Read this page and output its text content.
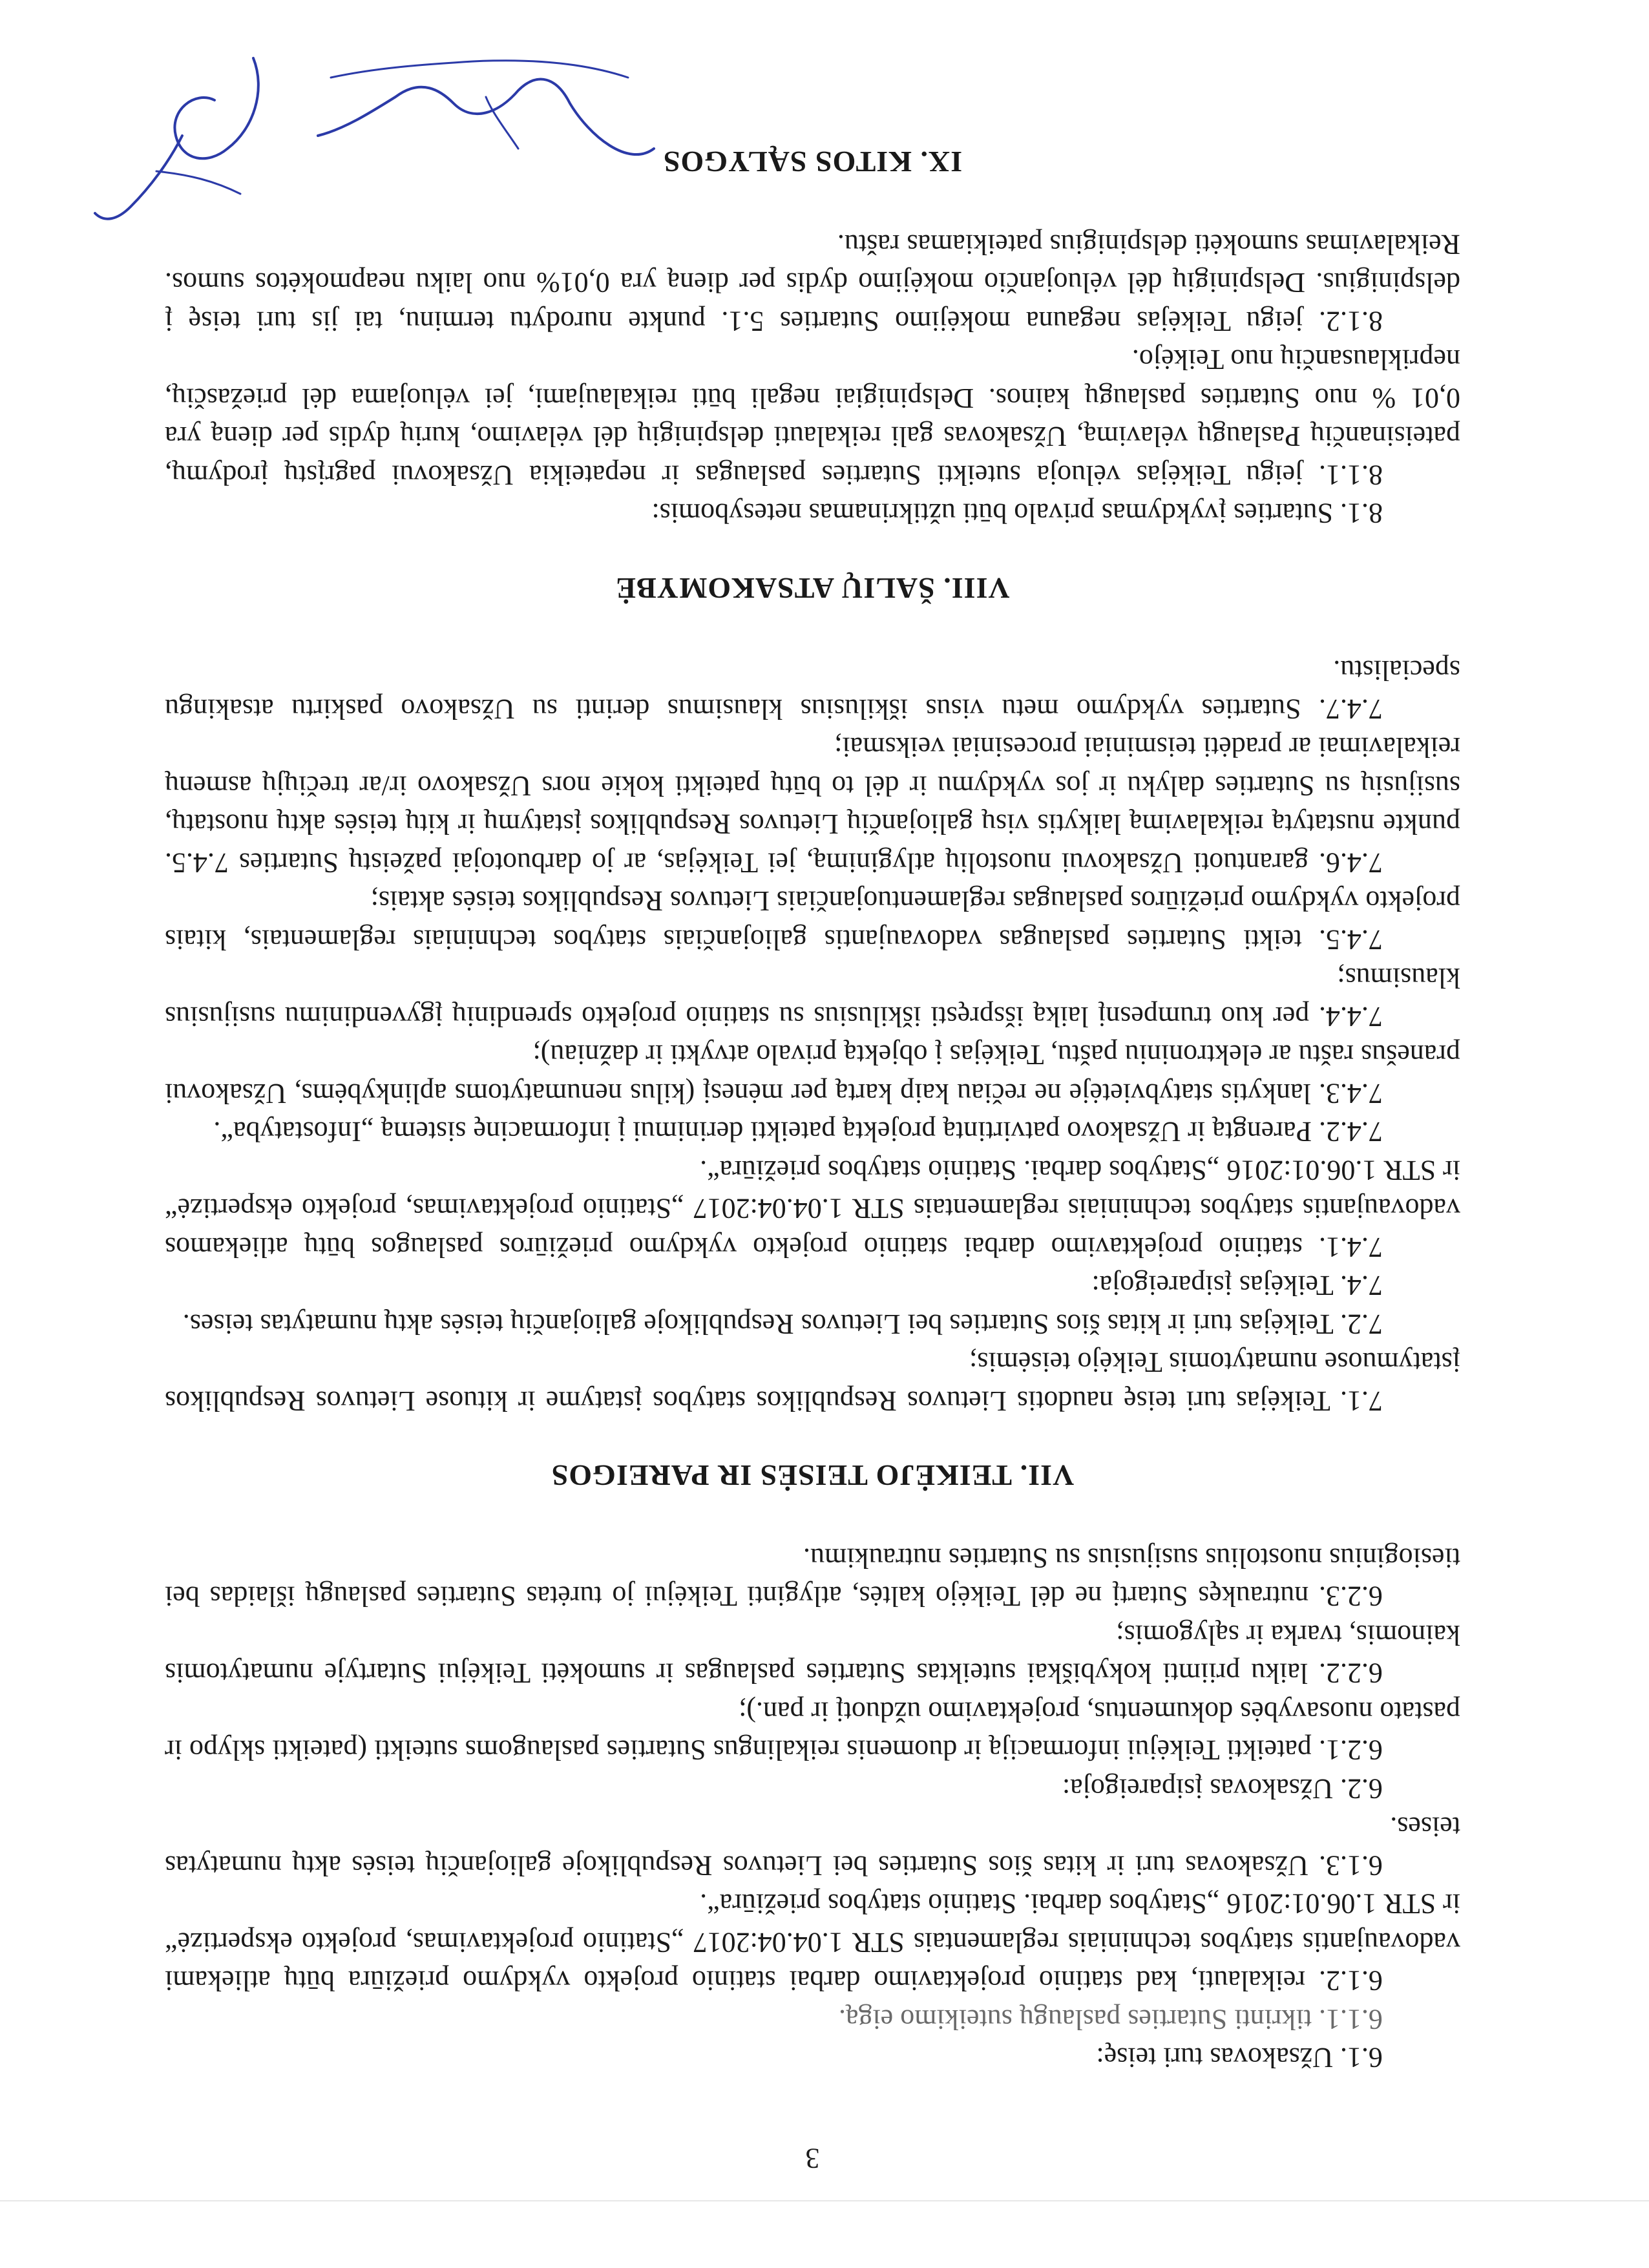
3

6.1. Užsakovas turi teisę:

6.1.1. tikrinti Sutarties paslaugų suteikimo eigą.

6.1.2. reikalauti, kad statinio projektavimo darbai statinio projekto vykdymo priežiūra būtų atliekami vadovaujantis statybos techniniais reglamentais STR 1.04.04:2017 „Statinio projektavimas, projekto ekspertizė“ ir STR 1.06.01:2016 „Statybos darbai. Statinio statybos priežiūra“.

6.1.3. Užsakovas turi ir kitas šios Sutarties bei Lietuvos Respublikoje galiojančių teisės aktų numatytas teises.

6.2. Užsakovas įsipareigoja:

6.2.1. pateikti Teikėjui informaciją ir duomenis reikalingus Sutarties paslaugoms suteikti (pateikti sklypo ir pastato nuosavybės dokumentus, projektavimo užduotį ir pan.);

6.2.2. laiku priimti kokybiškai suteiktas Sutarties paslaugas ir sumokėti Teikėjui Sutartyje numatytomis kainomis, tvarka ir sąlygomis;

6.2.3. nutraukęs Sutartį ne dėl Teikėjo kaltės, atlyginti Teikėjui jo turėtas Sutarties paslaugų išlaidas bei tiesioginius nuostolius susijusius su Sutarties nutraukimu.

VII. TEIKĖJO TEISĖS IR PAREIGOS

7.1. Teikėjas turi teisę naudotis Lietuvos Respublikos statybos įstatyme ir kituose Lietuvos Respublikos įstatymuose numatytomis Teikėjo teisėmis;

7.2. Teikėjas turi ir kitas šios Sutarties bei Lietuvos Respublikoje galiojančių teisės aktų numatytas teises.

7.4. Teikėjas įsipareigoja:

7.4.1. statinio projektavimo darbai statinio projekto vykdymo priežiūros paslaugos būtų atliekamos vadovaujantis statybos techniniais reglamentais STR 1.04.04:2017 „Statinio projektavimas, projekto ekspertizė“ ir STR 1.06.01:2016 „Statybos darbai. Statinio statybos priežiūra“.

7.4.2. Parengtą ir Užsakovo patvirtintą projektą pateikti derinimui į informacinę sistemą „Infostatyba“.

7.4.3. lankytis statybvietėje ne rečiau kaip kartą per mėnesį (kilus nenumatytoms aplinkybėms, Užsakovui pranešus raštu ar elektroniniu paštu, Teikėjas į objektą privalo atvykti ir dažniau);

7.4.4. per kuo trumpesnį laiką išspręsti iškilusius su statinio projekto sprendinių įgyvendinimu susijusius klausimus;

7.4.5. teikti Sutarties paslaugas vadovaujantis galiojančiais statybos techniniais reglamentais, kitais projekto vykdymo priežiūros paslaugas reglamentuojančiais Lietuvos Respublikos teisės aktais;

7.4.6. garantuoti Užsakovui nuostolių atlyginimą, jei Teikėjas, ar jo darbuotojai pažeistų Sutarties 7.4.5. punkte nustatytą reikalavimą laikytis visų galiojančių Lietuvos Respublikos įstatymų ir kitų teisės aktų nuostatų, susijusių su Sutarties dalyku ir jos vykdymu ir dėl to būtų pateikti kokie nors Užsakovo ir/ar trečiųjų asmenų reikalavimai ar pradėti teisminiai procesiniai veiksmai;

7.4.7. Sutarties vykdymo metu visus iškilusius klausimus derinti su Užsakovo paskirtu atsakingu specialistu.

VIII. ŠALIŲ ATSAKOMYBĖ

8.1. Sutarties įvykdymas privalo būti užtikrinamas netesybomis:

8.1.1. jeigu Teikėjas vėluoja suteikti Sutarties paslaugas ir nepateikia Užsakovui pagrįstų įrodymų, pateisinančių Paslaugų vėlavimą, Užsakovas gali reikalauti delspinigių dėl vėlavimo, kurių dydis per dieną yra 0,01 % nuo Sutarties paslaugų kainos. Delspinigiai negali būti reikalaujami, jei vėluojama dėl priežasčių, nepriklausančių nuo Teikėjo.

8.1.2. jeigu Teikėjas negauna mokėjimo Sutarties 5.1. punkte nurodytu terminu, tai jis turi teisę į delspinigius. Delspinigių dėl vėluojančio mokėjimo dydis per dieną yra 0,01% nuo laiku neapmokėtos sumos. Reikalavimas sumokėti delspinigius pateikiamas raštu.

IX. KITOS SĄLYGOS
